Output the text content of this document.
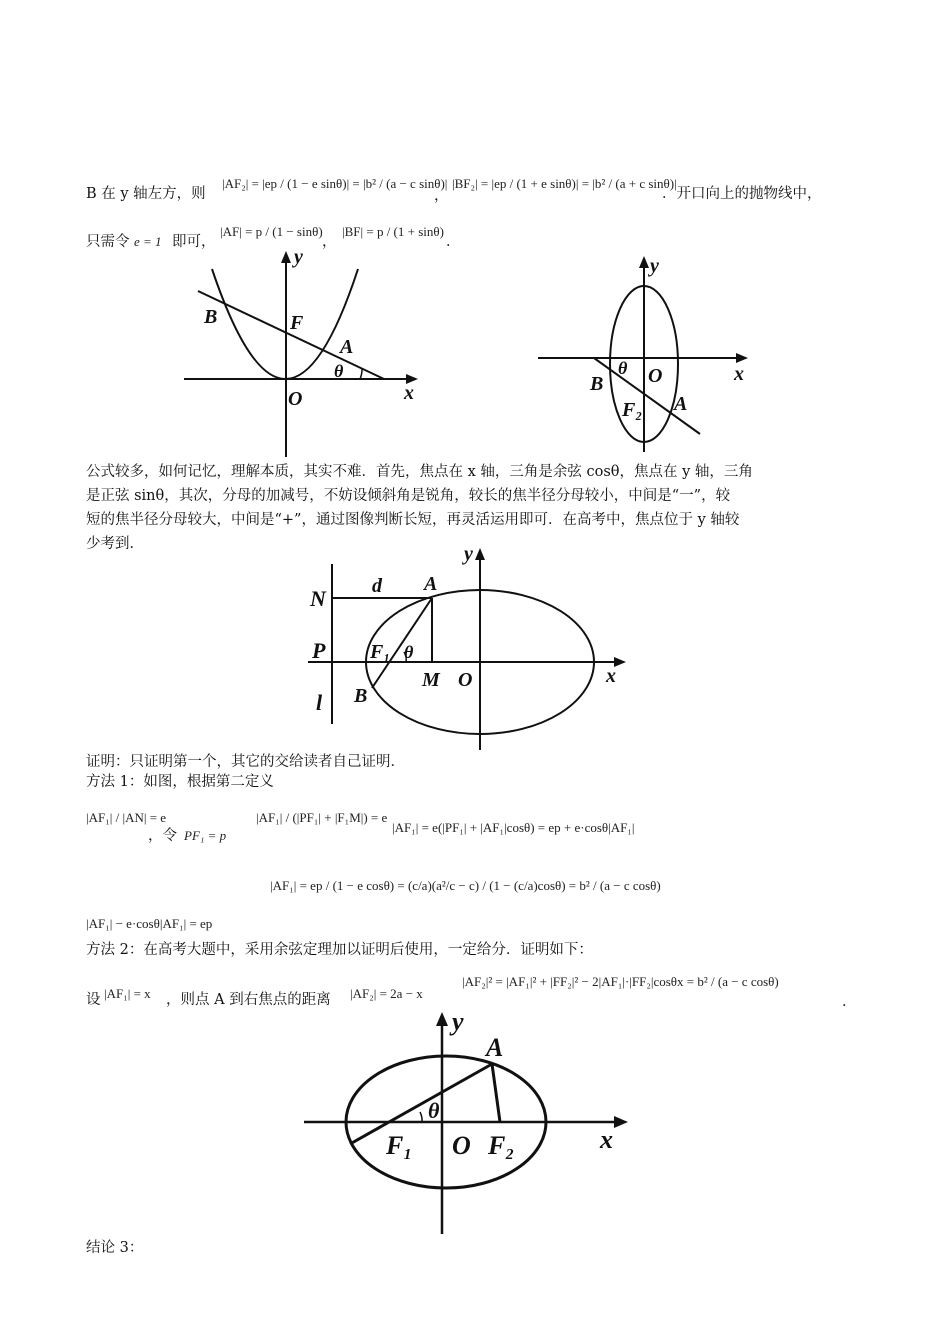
B 在 y 轴左方，则
|AF₂| = |ep / (1 − e sinθ)| = |b² / (a − c sinθ)|
，
|BF₂| = |ep / (1 + e sinθ)| = |b² / (a + c sinθ)|
．开口向上的抛物线中，
只需令 e = 1 即可，
|AF| = p / (1 − sinθ)
，
|BF| = p / (1 + sinθ)
．
y
B	F
A
θ
O	x
y
θ O	x
B
F₂ A
公式较多，如何记忆，理解本质，其实不难．首先，焦点在 x 轴，三角是余弦 cosθ，焦点在 y 轴，三角
是正弦 sinθ，其次，分母的加减号，不妨设倾斜角是锐角，较长的焦半径分母较小，中间是“一”，较
短的焦半径分母较大，中间是“+”，通过图像判断长短，再灵活运用即可．在高考中，焦点位于 y 轴较
少考到．	y
N d A
P F₁ θ
M O	x
l B
证明：只证明第一个，其它的交给读者自己证明．
方法 1：如图，根据第二定义
|AF₁| / |AN| = e
，令 PF₁ = p
|AF₁| / (|PF₁| + |F₁M|) = e
|AF₁| = e(|PF₁| + |AF₁|cosθ) = ep + e·cosθ|AF₁|
|AF₁| − e·cosθ|AF₁| = ep
|AF₁| = ep / (1 − e cosθ) = (c/a)(a²/c − c) / (1 − (c/a)cosθ) = b² / (a − c cosθ)
方法 2：在高考大题中，采用余弦定理加以证明后使用，一定给分．证明如下：
设 |AF₁| = x ，则点 A 到右焦点的距离 |AF₂| = 2a − x
|AF₂|² = |AF₁|² + |FF₂|² − 2|AF₁|·|FF₂|cosθx = b² / (a − c cosθ)
．
y
A
θ
F₁ O F₂	x
结论 3：
